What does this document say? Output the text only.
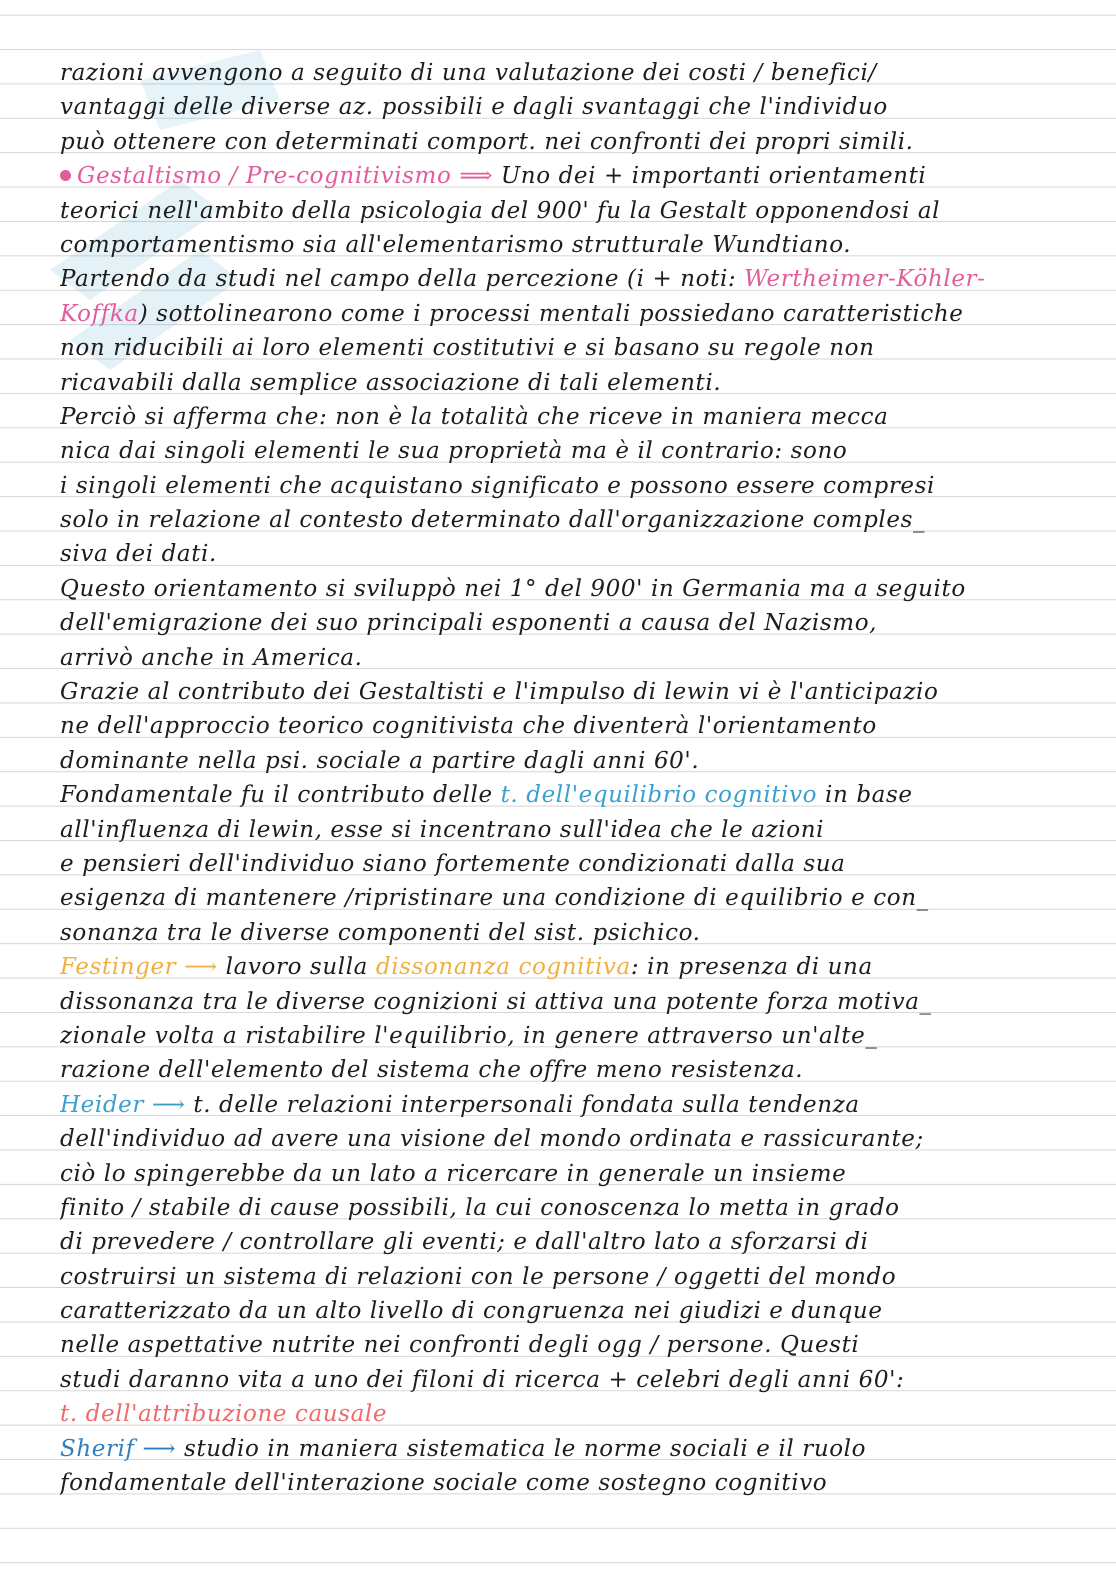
razioni avvengono a seguito di una valutazione dei costi / benefici/
vantaggi delle diverse az. possibili e dagli svantaggi che l'individuo
può ottenere con determinati comport. nei confronti dei propri simili.
Gestaltismo / Pre-cognitivismo ⟹ Uno dei + importanti orientamenti
teorici nell'ambito della psicologia del 900' fu la Gestalt opponendosi al
comportamentismo sia all'elementarismo strutturale Wundtiano.
Partendo da studi nel campo della percezione (i + noti: Wertheimer-Köhler-
Koffka) sottolinearono come i processi mentali possiedano caratteristiche
non riducibili ai loro elementi costitutivi e si basano su regole non
ricavabili dalla semplice associazione di tali elementi.
Perciò si afferma che: non è la totalità che riceve in maniera mecca
nica dai singoli elementi le sua proprietà ma è il contrario: sono
i singoli elementi che acquistano significato e possono essere compresi
solo in relazione al contesto determinato dall'organizzazione comples_
siva dei dati.
Questo orientamento si sviluppò nei 1° del 900' in Germania ma a seguito
dell'emigrazione dei suo principali esponenti a causa del Nazismo,
arrivò anche in America.
Grazie al contributo dei Gestaltisti e l'impulso di lewin vi è l'anticipazio
ne dell'approccio teorico cognitivista che diventerà l'orientamento
dominante nella psi. sociale a partire dagli anni 60'.
Fondamentale fu il contributo delle t. dell'equilibrio cognitivo in base
all'influenza di lewin, esse si incentrano sull'idea che le azioni
e pensieri dell'individuo siano fortemente condizionati dalla sua
esigenza di mantenere /ripristinare una condizione di equilibrio e con_
sonanza tra le diverse componenti del sist. psichico.
Festinger ⟶ lavoro sulla dissonanza cognitiva: in presenza di una
dissonanza tra le diverse cognizioni si attiva una potente forza motiva_
zionale volta a ristabilire l'equilibrio, in genere attraverso un'alte_
razione dell'elemento del sistema che offre meno resistenza.
Heider ⟶ t. delle relazioni interpersonali fondata sulla tendenza
dell'individuo ad avere una visione del mondo ordinata e rassicurante;
ciò lo spingerebbe da un lato a ricercare in generale un insieme
finito / stabile di cause possibili, la cui conoscenza lo metta in grado
di prevedere / controllare gli eventi; e dall'altro lato a sforzarsi di
costruirsi un sistema di relazioni con le persone / oggetti del mondo
caratterizzato da un alto livello di congruenza nei giudizi e dunque
nelle aspettative nutrite nei confronti degli ogg / persone. Questi
studi daranno vita a uno dei filoni di ricerca + celebri degli anni 60':
t. dell'attribuzione causale
Sherif ⟶ studio in maniera sistematica le norme sociali e il ruolo
fondamentale dell'interazione sociale come sostegno cognitivo
